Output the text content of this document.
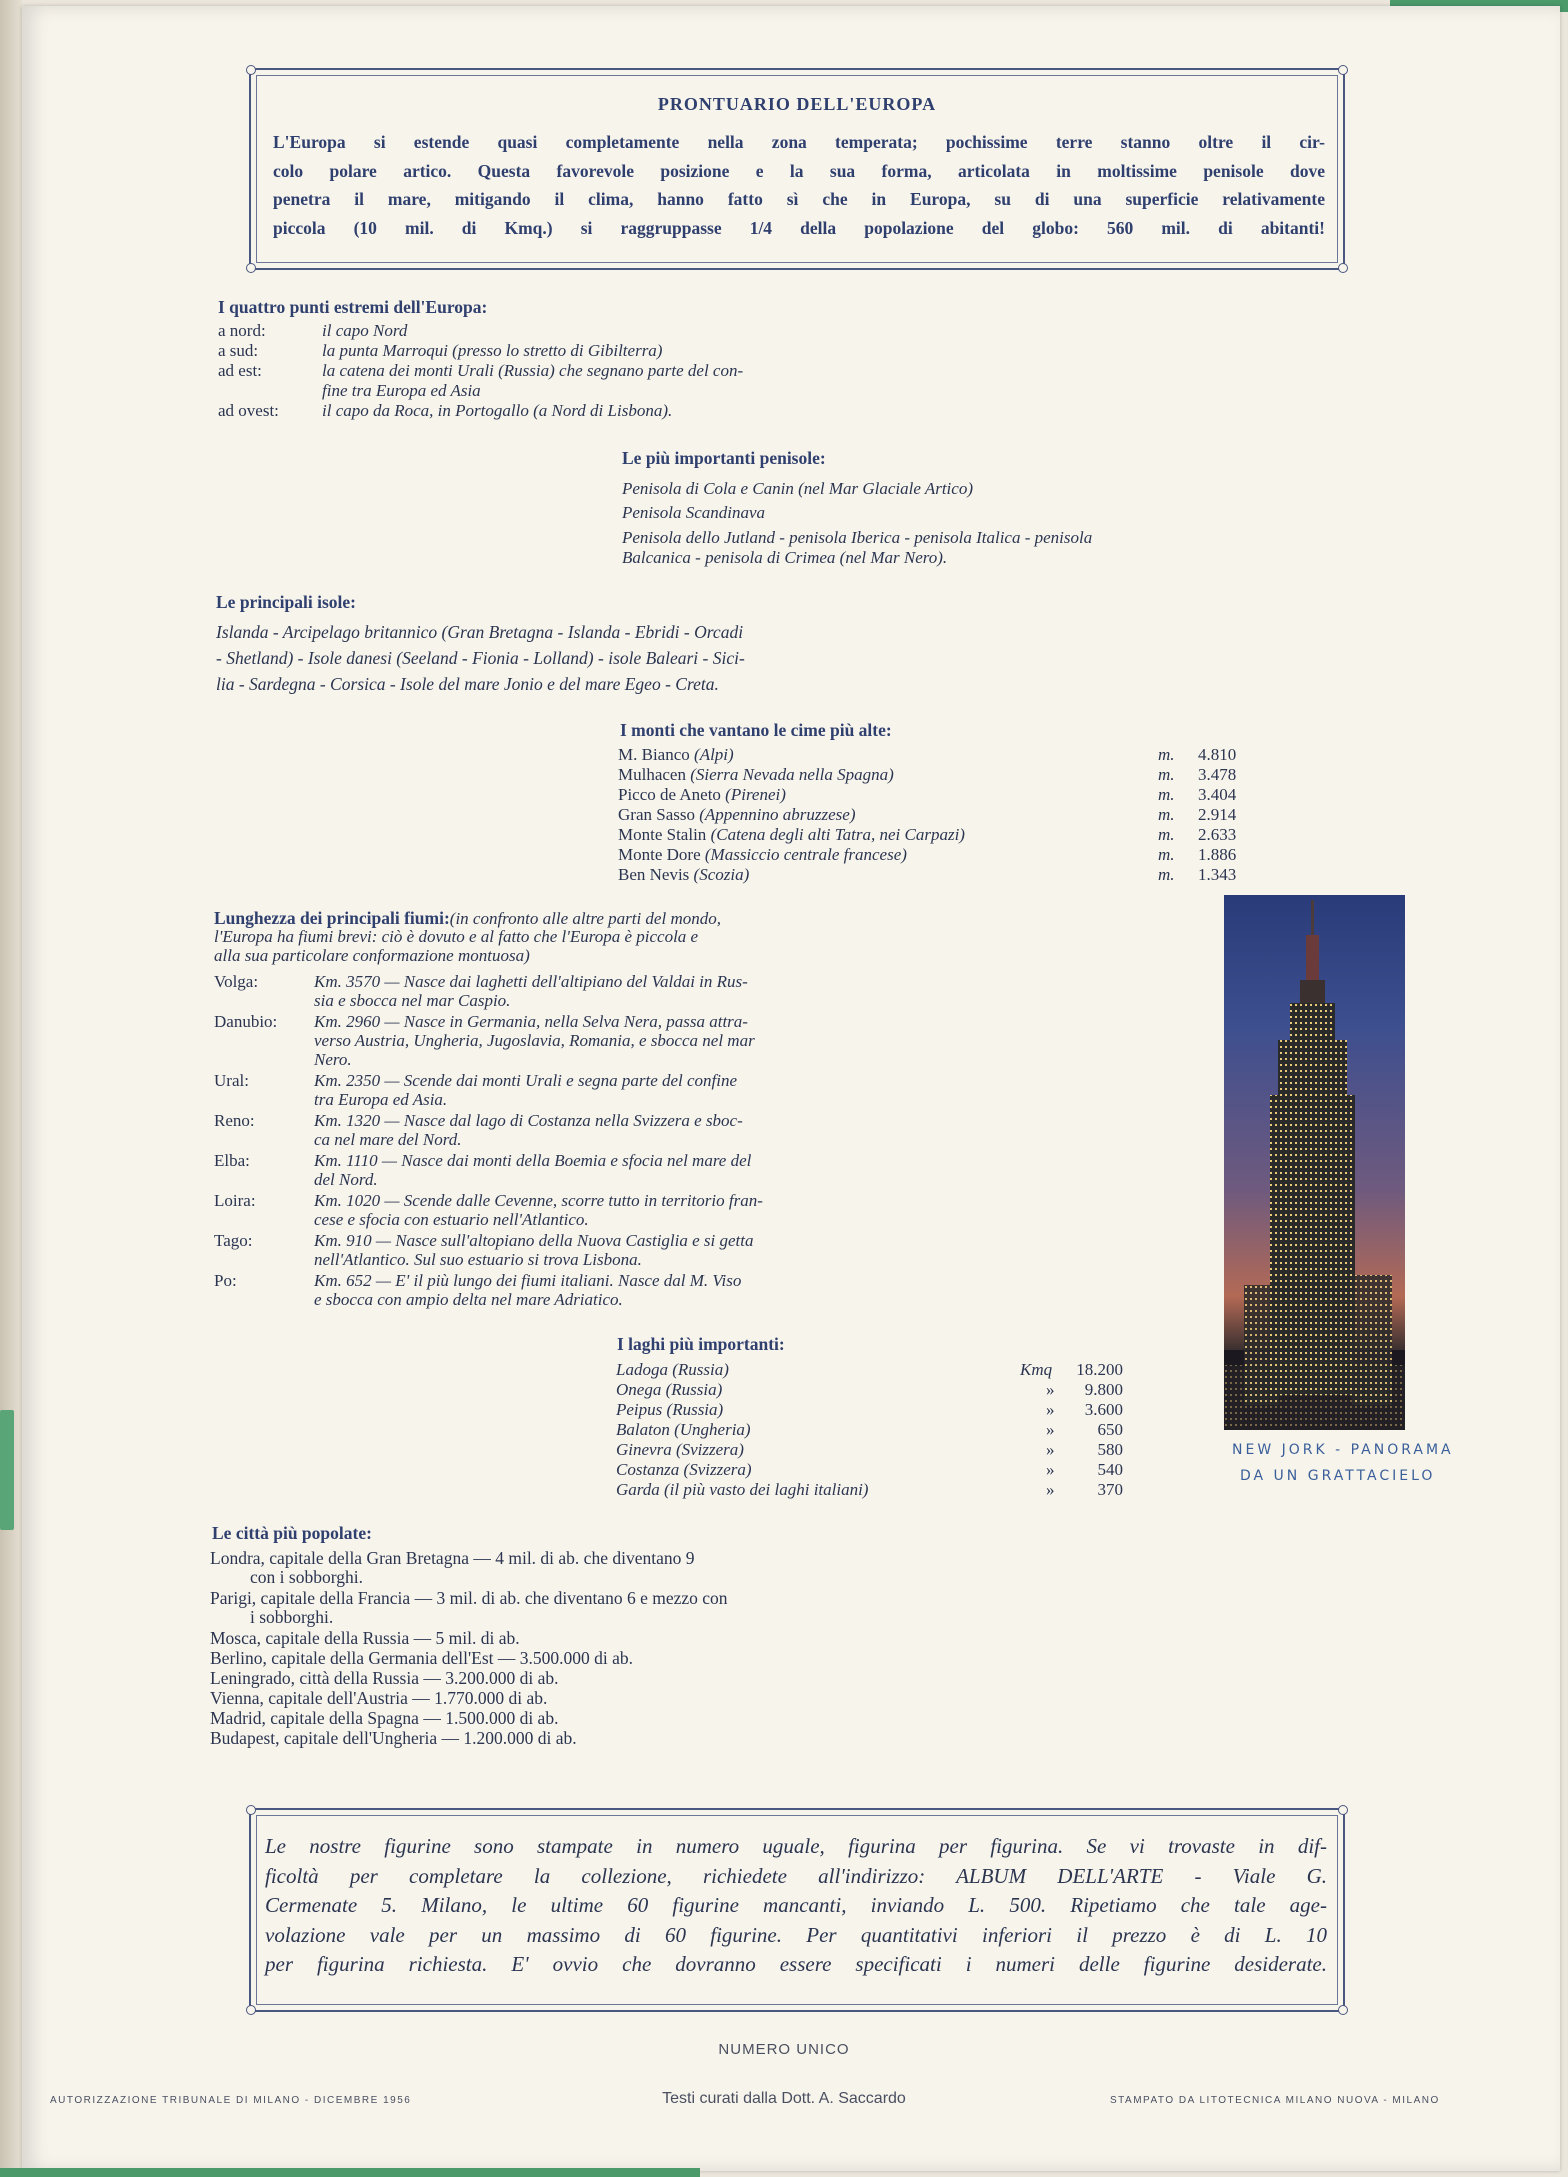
PRONTUARIO DELL'EUROPA
L'Europa si estende quasi completamente nella zona temperata; pochissime terre stanno oltre il cir-
colo polare artico. Questa favorevole posizione e la sua forma, articolata in moltissime penisole dove
penetra il mare, mitigando il clima, hanno fatto sì che in Europa, su di una superficie relativamente
piccola (10 mil. di Kmq.) si raggruppasse 1/4 della popolazione del globo: 560 mil. di abitanti!
I quattro punti estremi dell'Europa:
a nord:	il capo Nord
a sud:	la punta Marroqui (presso lo stretto di Gibilterra)
ad est:	la catena dei monti Urali (Russia) che segnano parte del con-
fine tra Europa ed Asia
ad ovest:	il capo da Roca, in Portogallo (a Nord di Lisbona).
Le più importanti penisole:
Penisola di Cola e Canin (nel Mar Glaciale Artico)
Penisola Scandinava
Penisola dello Jutland - penisola Iberica - penisola Italica - penisola
Balcanica - penisola di Crimea (nel Mar Nero).
Le principali isole:
Islanda - Arcipelago britannico (Gran Bretagna - Islanda - Ebridi - Orcadi
- Shetland) - Isole danesi (Seeland - Fionia - Lolland) - isole Baleari - Sici-
lia - Sardegna - Corsica - Isole del mare Jonio e del mare Egeo - Creta.
I monti che vantano le cime più alte:
M. Bianco (Alpi)	m. 4.810
Mulhacen (Sierra Nevada nella Spagna)	m. 3.478
Picco de Aneto (Pirenei)	m. 3.404
Gran Sasso (Appennino abruzzese)	m. 2.914
Monte Stalin (Catena degli alti Tatra, nei Carpazi)	m. 2.633
Monte Dore (Massiccio centrale francese)	m. 1.886
Ben Nevis (Scozia)	m. 1.343
Lunghezza dei principali fiumi:(in confronto alle altre parti del mondo,
l'Europa ha fiumi brevi: ciò è dovuto e al fatto che l'Europa è piccola e
alla sua particolare conformazione montuosa)
Volga:	Km. 3570 — Nasce dai laghetti dell'altipiano del Valdai in Rus-
sia e sbocca nel mar Caspio.
Danubio: Km. 2960 — Nasce in Germania, nella Selva Nera, passa attra-
verso Austria, Ungheria, Jugoslavia, Romania, e sbocca nel mar
Nero.
Ural:	Km. 2350 — Scende dai monti Urali e segna parte del confine
tra Europa ed Asia.
Reno:	Km. 1320 — Nasce dal lago di Costanza nella Svizzera e sboc-
ca nel mare del Nord.
Elba:	Km. 1110 — Nasce dai monti della Boemia e sfocia nel mare del
del Nord.
Loira:	Km. 1020 — Scende dalle Cevenne, scorre tutto in territorio fran-
cese e sfocia con estuario nell'Atlantico.
Tago:	Km. 910 — Nasce sull'altopiano della Nuova Castiglia e si getta
nell'Atlantico. Sul suo estuario si trova Lisbona.
Po:	Km. 652 — E' il più lungo dei fiumi italiani. Nasce dal M. Viso
e sbocca con ampio delta nel mare Adriatico.
NEW JORK - PANORAMA
DA UN GRATTACIELO
I laghi più importanti:
Ladoga (Russia)	Kmq	18.200
Onega (Russia)	»	9.800
Peipus (Russia)	»	3.600
Balaton (Ungheria)	»	650
Ginevra (Svizzera)	»	580
Costanza (Svizzera)	»	540
Garda (il più vasto dei laghi italiani)	»	370
Le città più popolate:
Londra, capitale della Gran Bretagna — 4 mil. di ab. che diventano 9
con i sobborghi.
Parigi, capitale della Francia — 3 mil. di ab. che diventano 6 e mezzo con
i sobborghi.
Mosca, capitale della Russia — 5 mil. di ab.
Berlino, capitale della Germania dell'Est — 3.500.000 di ab.
Leningrado, città della Russia — 3.200.000 di ab.
Vienna, capitale dell'Austria — 1.770.000 di ab.
Madrid, capitale della Spagna — 1.500.000 di ab.
Budapest, capitale dell'Ungheria — 1.200.000 di ab.
Le nostre figurine sono stampate in numero uguale, figurina per figurina. Se vi trovaste in dif-
ficoltà per completare la collezione, richiedete all'indirizzo: ALBUM DELL'ARTE - Viale G.
Cermenate 5. Milano, le ultime 60 figurine mancanti, inviando L. 500. Ripetiamo che tale age-
volazione vale per un massimo di 60 figurine. Per quantitativi inferiori il prezzo è di L. 10
per figurina richiesta. E' ovvio che dovranno essere specificati i numeri delle figurine desiderate.
NUMERO UNICO
AUTORIZZAZIONE TRIBUNALE DI MILANO - DICEMBRE 1956	Testi curati dalla Dott. A. Saccardo	STAMPATO DA LITOTECNICA MILANO NUOVA - MILANO
